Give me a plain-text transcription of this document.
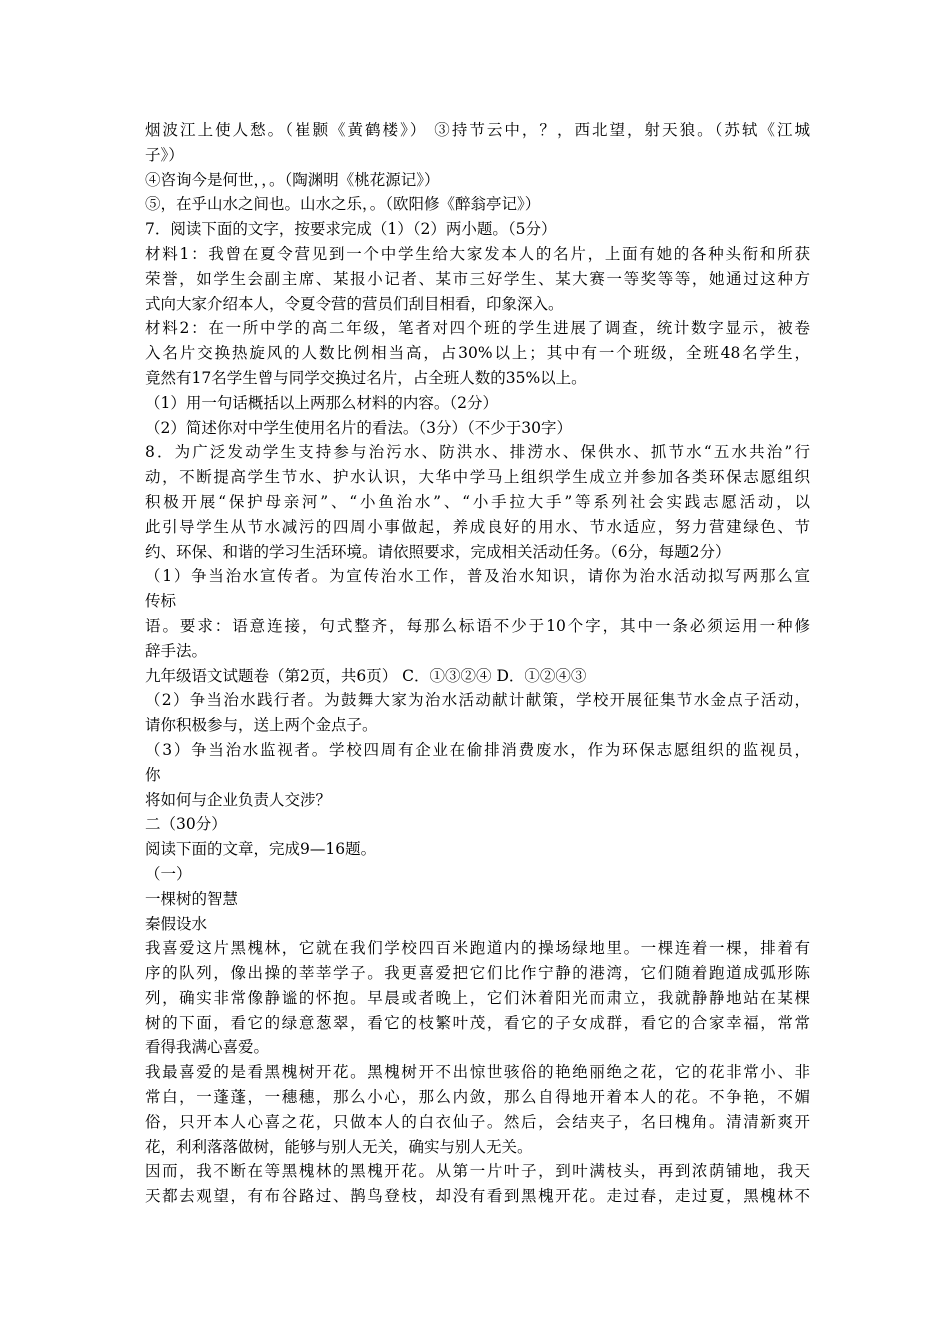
烟波江上使人愁。（崔颢《黄鹤楼》） ③持节云中，？，西北望，射天狼。（苏轼《江城
子》）
④咨询今是何世，，。（陶渊明《桃花源记》）
⑤，在乎山水之间也。山水之乐，。（欧阳修《醉翁亭记》）
7．阅读下面的文字，按要求完成（1）（2）两小题。（5分）
材料1：我曾在夏令营见到一个中学生给大家发本人的名片，上面有她的各种头衔和所获
荣誉，如学生会副主席、某报小记者、某市三好学生、某大赛一等奖等等，她通过这种方
式向大家介绍本人，令夏令营的营员们刮目相看，印象深入。
材料2：在一所中学的高二年级，笔者对四个班的学生进展了调查，统计数字显示，被卷
入名片交换热旋风的人数比例相当高，占30%以上；其中有一个班级，全班48名学生，
竟然有17名学生曾与同学交换过名片，占全班人数的35%以上。
（1）用一句话概括以上两那么材料的内容。（2分）
（2）简述你对中学生使用名片的看法。（3分）（不少于30字）
8．为广泛发动学生支持参与治污水、防洪水、排涝水、保供水、抓节水“五水共治”行
动，不断提高学生节水、护水认识，大华中学马上组织学生成立并参加各类环保志愿组织
积极开展“保护母亲河”、“小鱼治水”、“小手拉大手”等系列社会实践志愿活动，以
此引导学生从节水减污的四周小事做起，养成良好的用水、节水适应，努力营建绿色、节
约、环保、和谐的学习生活环境。请依照要求，完成相关活动任务。（6分，每题2分）
（1）争当治水宣传者。为宣传治水工作，普及治水知识，请你为治水活动拟写两那么宣
传标
语。要求：语意连接，句式整齐，每那么标语不少于10个字，其中一条必须运用一种修
辞手法。
九年级语文试题卷（第2页，共6页） C．①③②④ D．①②④③
（2）争当治水践行者。为鼓舞大家为治水活动献计献策，学校开展征集节水金点子活动，
请你积极参与，送上两个金点子。
（3）争当治水监视者。学校四周有企业在偷排消费废水，作为环保志愿组织的监视员，
你
将如何与企业负责人交涉？
二（30分）
阅读下面的文章，完成9—16题。
（一）
一棵树的智慧
秦假设水
我喜爱这片黑槐林，它就在我们学校四百米跑道内的操场绿地里。一棵连着一棵，排着有
序的队列，像出操的莘莘学子。我更喜爱把它们比作宁静的港湾，它们随着跑道成弧形陈
列，确实非常像静谧的怀抱。早晨或者晚上，它们沐着阳光而肃立，我就静静地站在某棵
树的下面，看它的绿意葱翠，看它的枝繁叶茂，看它的子女成群，看它的合家幸福，常常
看得我满心喜爱。
我最喜爱的是看黑槐树开花。黑槐树开不出惊世骇俗的艳绝丽绝之花，它的花非常小、非
常白，一蓬蓬，一穗穗，那么小心，那么内敛，那么自得地开着本人的花。不争艳，不媚
俗，只开本人心喜之花，只做本人的白衣仙子。然后，会结夹子，名曰槐角。清清新爽开
花，利利落落做树，能够与别人无关，确实与别人无关。
因而，我不断在等黑槐林的黑槐开花。从第一片叶子，到叶满枝头，再到浓荫铺地，我天
天都去观望，有布谷路过、鹊鸟登枝，却没有看到黑槐开花。走过春，走过夏，黑槐林不
